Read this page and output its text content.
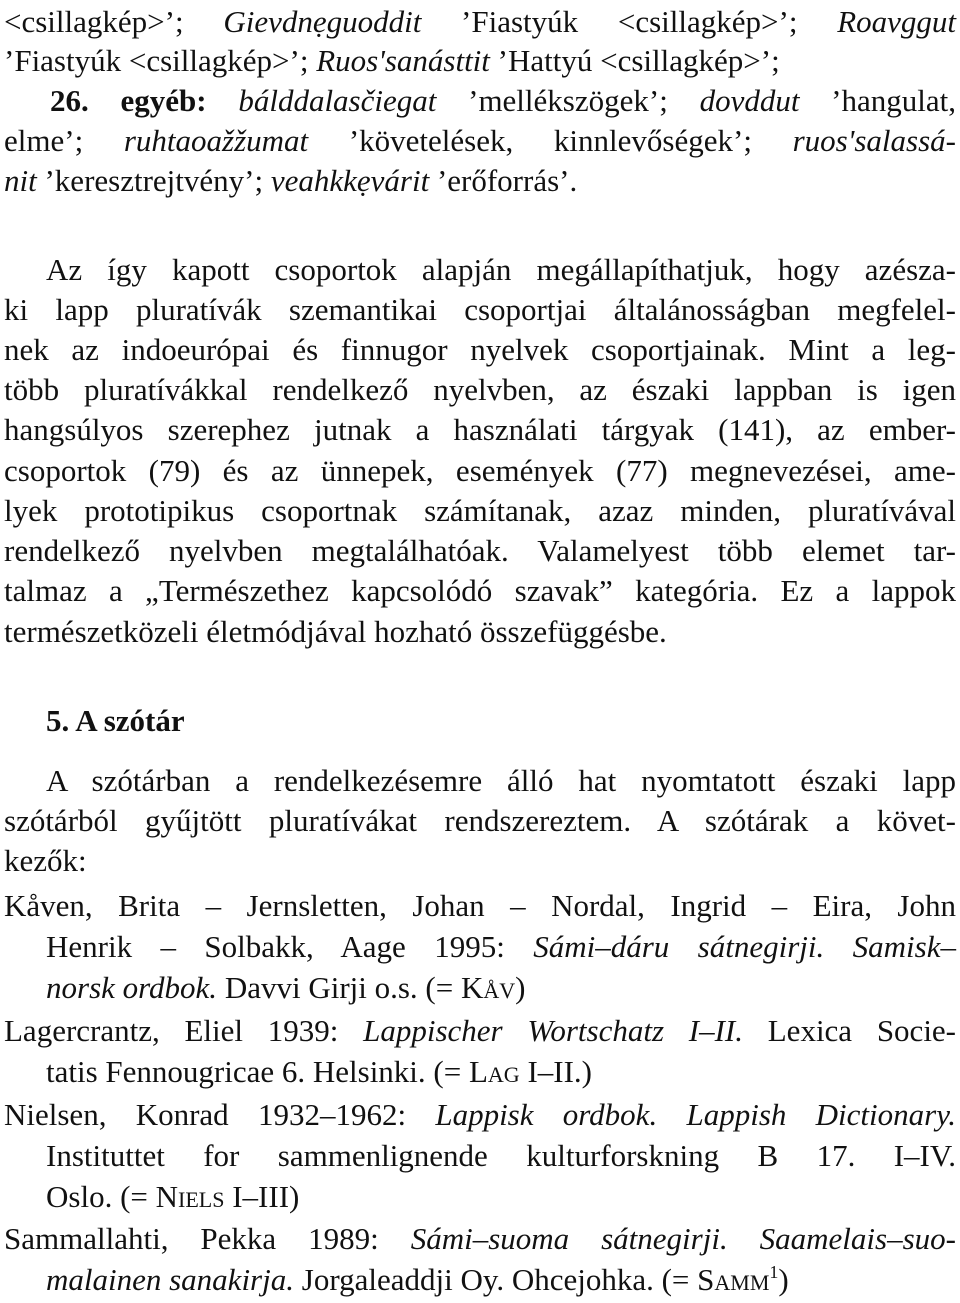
<csillagkép>’; Gievdnẹguoddit ’Fiastyúk <csillagkép>’; Roavggut
’Fiastyúk <csillagkép>’; Ruos'sanásttit ’Hattyú <csillagkép>’;
26. egyéb: bálddalasčiegat ’mellékszögek’; dovddut ’hangulat,
elme’; ruhtaoažžumat ’követelések, kinnlevőségek’; ruos'salassá-
nit ’keresztrejtvény’; veahkkẹvárit ’erőforrás’.
Az így kapott csoportok alapján megállapíthatjuk, hogy azésza-
ki lapp pluratívák szemantikai csoportjai általánosságban megfelel-
nek az indoeurópai és finnugor nyelvek csoportjainak. Mint a leg-
több pluratívákkal rendelkező nyelvben, az északi lappban is igen
hangsúlyos szerephez jutnak a használati tárgyak (141), az ember-
csoportok (79) és az ünnepek, események (77) megnevezései, ame-
lyek prototipikus csoportnak számítanak, azaz minden, pluratívával
rendelkező nyelvben megtalálhatóak. Valamelyest több elemet tar-
talmaz a „Természethez kapcsolódó szavak” kategória. Ez a lappok
természetközeli életmódjával hozható összefüggésbe.
5. A szótár
A szótárban a rendelkezésemre álló hat nyomtatott északi lapp
szótárból gyűjtött pluratívákat rendszereztem. A szótárak a követ-
kezők:
Kåven, Brita – Jernsletten, Johan – Nordal, Ingrid – Eira, John
Henrik – Solbakk, Aage 1995: Sámi–dáru sátnegirji. Samisk–
norsk ordbok. Davvi Girji o.s. (= KÅV)
Lagercrantz, Eliel 1939: Lappischer Wortschatz I–II. Lexica Socie-
tatis Fennougricae 6. Helsinki. (= LAG I–II.)
Nielsen, Konrad 1932–1962: Lappisk ordbok. Lappish Dictionary.
Instituttet for sammenlignende kulturforskning B 17. I–IV.
Oslo. (= NIELS I–III)
Sammallahti, Pekka 1989: Sámi–suoma sátnegirji. Saamelais–suo-
malainen sanakirja. Jorgaleaddji Oy. Ohcejohka. (= $SAMM^1$)
